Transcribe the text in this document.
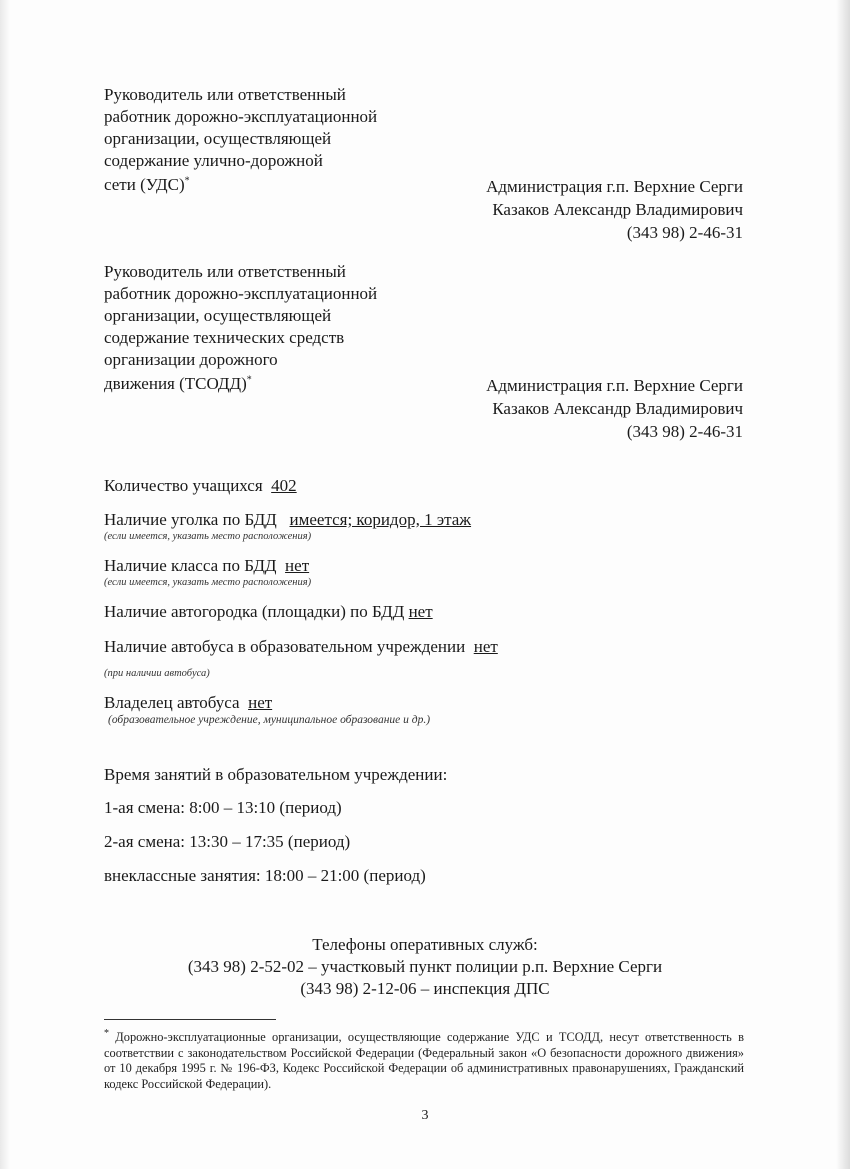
Руководитель или ответственный
работник дорожно-эксплуатационной
организации, осуществляющей
содержание улично-дорожной
сети (УДС)*	Администрация г.п. Верхние Серги
Казаков Александр Владимирович
(343 98) 2-46-31
Руководитель или ответственный
работник дорожно-эксплуатационной
организации, осуществляющей
содержание технических средств
организации дорожного
движения (ТСОДД)*	Администрация г.п. Верхние Серги
Казаков Александр Владимирович
(343 98) 2-46-31
Количество учащихся 402
Наличие уголка по БДД имеется; коридор, 1 этаж
(если имеется, указать место расположения)
Наличие класса по БДД нет
(если имеется, указать место расположения)
Наличие автогородка (площадки) по БДД нет
Наличие автобуса в образовательном учреждении нет
(при наличии автобуса)
Владелец автобуса нет
(образовательное учреждение, муниципальное образование и др.)
Время занятий в образовательном учреждении:
1-ая смена: 8:00 – 13:10 (период)
2-ая смена: 13:30 – 17:35 (период)
внеклассные занятия: 18:00 – 21:00 (период)
Телефоны оперативных служб:
(343 98) 2-52-02 – участковый пункт полиции р.п. Верхние Серги
(343 98) 2-12-06 – инспекция ДПС
* Дорожно-эксплуатационные организации, осуществляющие содержание УДС и ТСОДД, несут ответственность в соответствии с законодательством Российской Федерации (Федеральный закон «О безопасности дорожного движения» от 10 декабря 1995 г. № 196-ФЗ, Кодекс Российской Федерации об административных правонарушениях, Гражданский кодекс Российской Федерации).
3
